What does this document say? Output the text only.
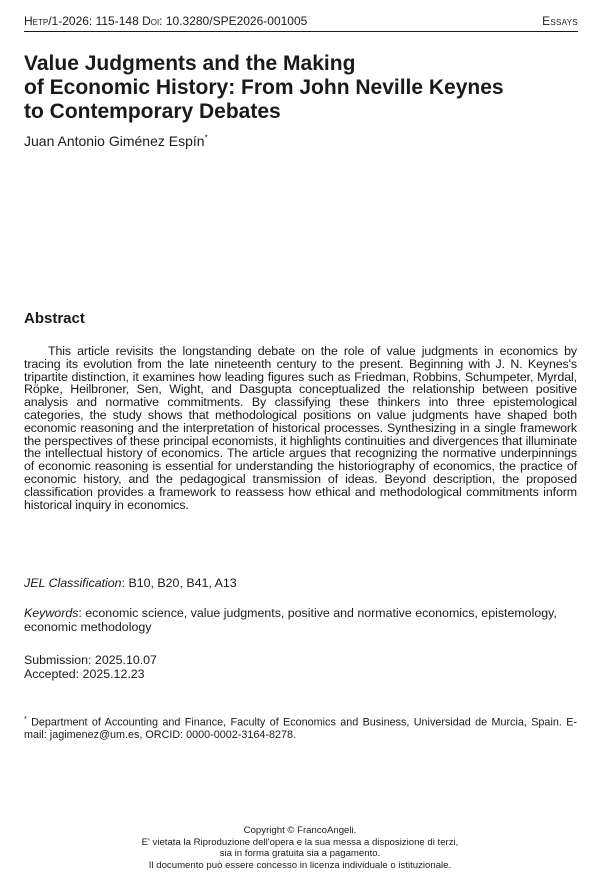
Hetp/1-2026: 115-148 Doi: 10.3280/SPE2026-001005	Essays
Value Judgments and the Making
of Economic History: From John Neville Keynes
to Contemporary Debates

Juan Antonio Giménez Espín*

Abstract

This article revisits the longstanding debate on the role of value judgments in economics by tracing its evolution from the late nineteenth century to the present. Beginning with J. N. Keynes's tripartite distinction, it examines how leading figures such as Friedman, Robbins, Schumpeter, Myrdal, Röpke, Heilbroner, Sen, Wight, and Dasgupta conceptualized the relationship between positive analysis and normative commitments. By classifying these thinkers into three epistemological categories, the study shows that methodological positions on value judgments have shaped both economic reasoning and the interpretation of historical processes. Synthesizing in a single framework the perspectives of these principal economists, it highlights continuities and divergences that illuminate the intellectual history of economics. The article argues that recognizing the normative underpinnings of economic reasoning is essential for understanding the historiography of economics, the practice of economic history, and the pedagogical transmission of ideas. Beyond description, the proposed classification provides a framework to reassess how ethical and methodological commitments inform historical inquiry in economics.

JEL Classification: B10, B20, B41, A13

Keywords: economic science, value judgments, positive and normative economics, epistemology, economic methodology

Submission: 2025.10.07

Accepted: 2025.12.23

* Department of Accounting and Finance, Faculty of Economics and Business, Universidad de Murcia, Spain. E-mail: jagimenez@um.es, ORCID: 0000-0002-3164-8278.

Copyright © FrancoAngeli.
E' vietata la Riproduzione dell'opera e la sua messa a disposizione di terzi,
sia in forma gratuita sia a pagamento.
Il documento può essere concesso in licenza individuale o istituzionale.
